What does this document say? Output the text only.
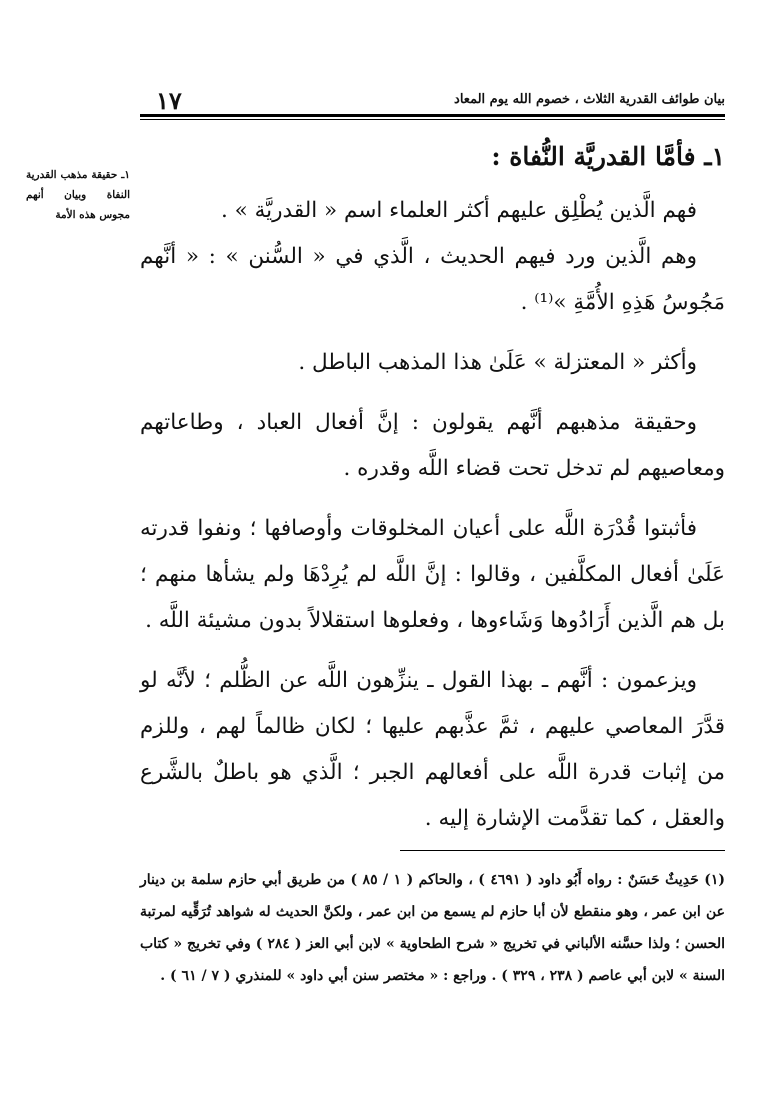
بيان طوائف القدرية الثلاث ، خصوم الله يوم المعاد
١٧
١ـ فأمَّا القدريَّة النُّفاة :
١ـ حقيقة مذهب القدرية النفاة وبيان أنهم مجوس هذه الأمة	فهم الَّذين يُطْلِق عليهم أكثر العلماء اسم « القدريَّة » .

وهم الَّذين ورد فيهم الحديث ، الَّذي في « السُّنن » : « أنَّهم مَجُوسُ هَذِهِ الأُمَّةِ »⁽¹⁾ .

وأكثر « المعتزلة » عَلَىٰ هذا المذهب الباطل .

وحقيقة مذهبهم أنَّهم يقولون : إنَّ أفعال العباد ، وطاعاتهم ومعاصيهم لم تدخل تحت قضاء اللَّه وقدره .

فأثبتوا قُدْرَة اللَّه على أعيان المخلوقات وأوصافها ؛ ونفوا قدرته عَلَىٰ أفعال المكلَّفين ، وقالوا : إنَّ اللَّه لم يُرِدْهَا ولم يشأها منهم ؛ بل هم الَّذين أَرَادُوها وَشَاءوها ، وفعلوها استقلالاً بدون مشيئة اللَّه .

ويزعمون : أنَّهم ـ بهذا القول ـ ينزِّهون اللَّه عن الظُّلم ؛ لأنَّه لو قدَّرَ المعاصي عليهم ، ثمَّ عذَّبهم عليها ؛ لكان ظالماً لهم ، وللزم من إثبات قدرة اللَّه على أفعالهم الجبر ؛ الَّذي هو باطلٌ بالشَّرع والعقل ، كما تقدَّمت الإشارة إليه .

(١) حَدِيثٌ حَسَنٌ : رواه أَبُو داود ( ٤٦٩١ ) ، والحاكم ( ١ / ٨٥ ) من طريق أبي حازم سلمة بن دينار عن ابن عمر ، وهو منقطع لأن أبا حازم لم يسمع من ابن عمر ، ولكنَّ الحديث له شواهد تُرَقِّيه لمرتبة الحسن ؛ ولذا حسَّنه الألباني في تخريج « شرح الطحاوية » لابن أبي العز ( ٢٨٤ ) وفي تخريج « كتاب السنة » لابن أبي عاصم ( ٢٣٨ ، ٣٢٩ ) . وراجع : « مختصر سنن أبي داود » للمنذري ( ٧ / ٦١ ) .
